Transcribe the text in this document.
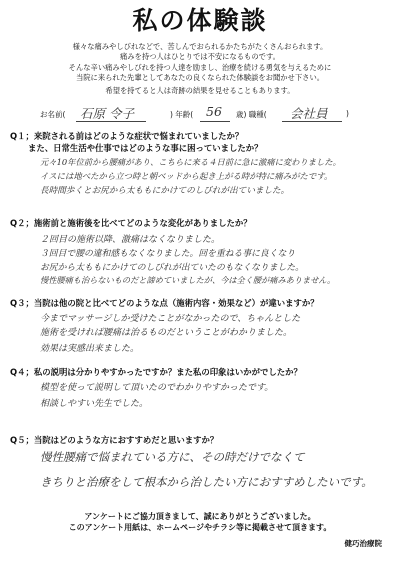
私の体験談
様々な痛みやしびれなどで、苦しんでおられるかたちがたくさんおられます。
痛みを持つ人はひとりでは不安になるものです。
そんな辛い痛みやしびれを持つ人達を励まし、治療を続ける勇気を与えるために
当院に来られた先輩としてあなたの良くなられた体験談をお聞かせ下さい。
希望を持てると人は奇跡の結果を見せることもあります。
お名前( 石原 令子	) 年齢( 56 歳) 職種( 会社員 )
Q１；来院される前はどのような症状で悩まれていましたか？
また、日常生活や仕事ではどのような事に困っていましたか？
元々10年位前から腰痛があり、こちらに来る４日前に急に激痛に変わりました。
イスには地べたから立つ時と朝ベッドから起き上がる時が特に痛みがたです。
長時間歩くとお尻から太ももにかけてのしびれが出ていました。
Q２；施術前と施術後を比べてどのような変化がありましたか？
２回目の施術以降、激痛はなくなりました。
３回目で腰の違和感もなくなりました。回を重ねる事に良くなり
お尻から太ももにかけてのしびれが出ていたのもなくなりました。
慢性腰痛も治らないものだと諦めていましたが、今は全く腰が痛みありません。
Q３；当院は他の院と比べてどのような点（施術内容・効果など）が違いますか？
今までマッサージしか受けたことがなかったので、ちゃんとした
施術を受ければ腰痛は治るものだということがわかりました。
効果は実感出来ました。
Q４；私の説明は分かりやすかったですか？また私の印象はいかがでしたか？
模型を使って説明して頂いたのでわかりやすかったです。
相談しやすい先生でした。
Q５；当院はどのような方におすすめだと思いますか？
慢性腰痛で悩まれている方に、その時だけでなくて
きちりと治療をして根本から治したい方におすすめしたいです。
アンケートにご協力頂きまして、誠にありがとうございました。
このアンケート用紙は、ホームページやチラシ等に掲載させて頂きます。
健巧治療院
